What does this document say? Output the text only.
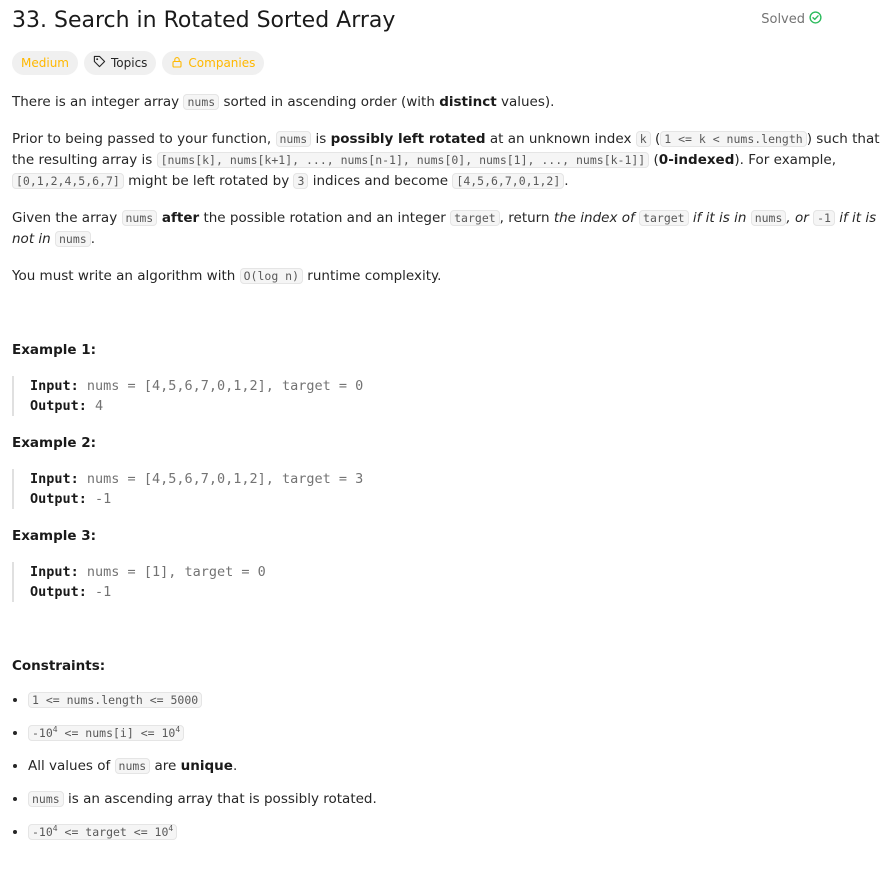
33. Search in Rotated Sorted Array	Solved
Medium	Topics	Companies

There is an integer array nums sorted in ascending order (with distinct values).

Prior to being passed to your function, nums is possibly left rotated at an unknown index k ( 1 <= k < nums.length ) such that

the resulting array is [nums[k], nums[k+1], ..., nums[n-1], nums[0], nums[1], ..., nums[k-1]] (0-indexed). For example,

[0,1,2,4,5,6,7] might be left rotated by 3 indices and become [4,5,6,7,0,1,2] .

Given the array nums after the possible rotation and an integer target , return the index of target if it is in nums , or -1 if it is

not in nums .

You must write an algorithm with O(log n) runtime complexity.

Example 1:

Input: nums = [4,5,6,7,0,1,2], target = 0
Output: 4

Example 2:

Input: nums = [4,5,6,7,0,1,2], target = 3
Output: -1

Example 3:

Input: nums = [1], target = 0
Output: -1

Constraints:

• 1 <= nums.length <= 5000
• $-10^4$ <= nums[i] <= $10^4$
• All values of nums are unique.
• nums is an ascending array that is possibly rotated.
• $-10^4$ <= target <= $10^4$
